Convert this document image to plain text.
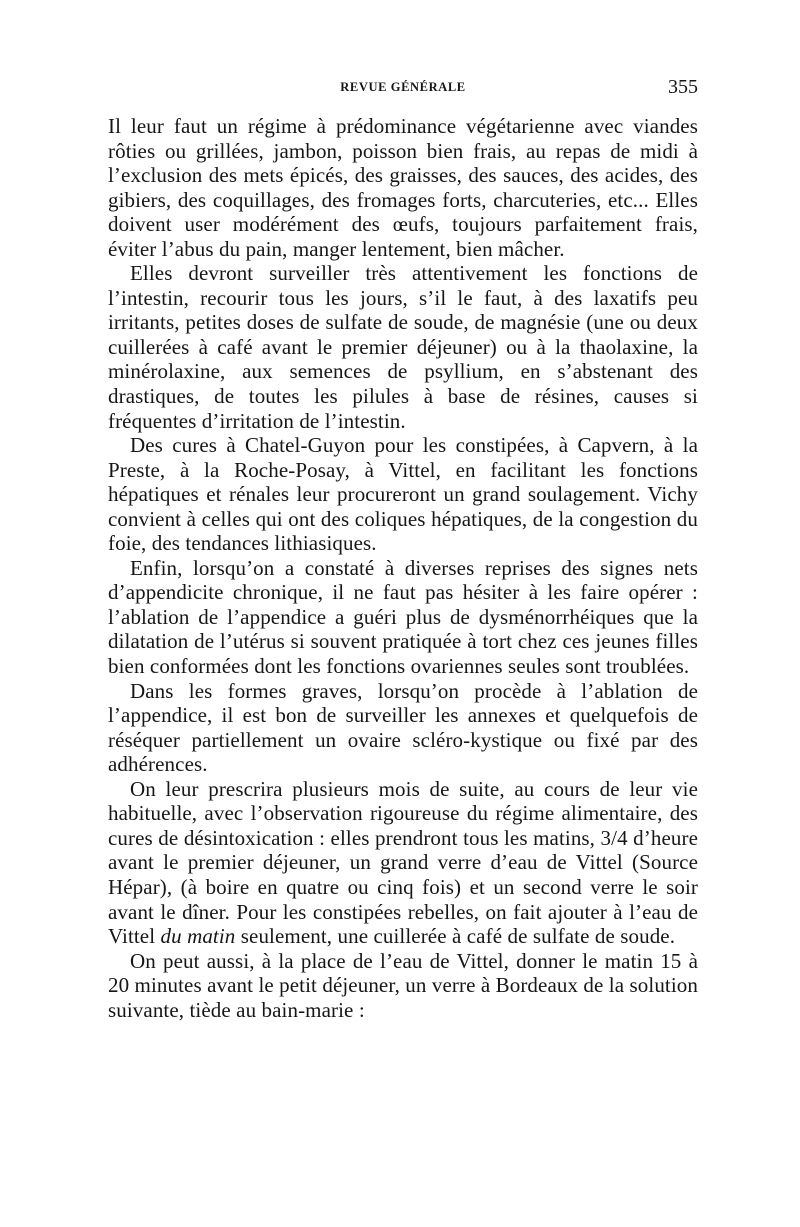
REVUE GÉNÉRALE	355

Il leur faut un régime à prédominance végétarienne avec viandes rôties ou grillées, jambon, poisson bien frais, au repas de midi à l’exclusion des mets épicés, des graisses, des sauces, des acides, des gibiers, des coquillages, des fromages forts, charcuteries, etc... Elles doivent user modérément des œufs, toujours parfaitement frais, éviter l’abus du pain, manger lentement, bien mâcher.

Elles devront surveiller très attentivement les fonctions de l’intestin, recourir tous les jours, s’il le faut, à des laxatifs peu irritants, petites doses de sulfate de soude, de magnésie (une ou deux cuillerées à café avant le premier déjeuner) ou à la thaolaxine, la minérolaxine, aux semences de psyllium, en s’abstenant des drastiques, de toutes les pilules à base de résines, causes si fréquentes d’irritation de l’intestin.

Des cures à Chatel-Guyon pour les constipées, à Capvern, à la Preste, à la Roche-Posay, à Vittel, en facilitant les fonctions hépatiques et rénales leur procureront un grand soulagement. Vichy convient à celles qui ont des coliques hépatiques, de la congestion du foie, des tendances lithiasiques.

Enfin, lorsqu’on a constaté à diverses reprises des signes nets d’appendicite chronique, il ne faut pas hésiter à les faire opérer : l’ablation de l’appendice a guéri plus de dysménorrhéiques que la dilatation de l’utérus si souvent pratiquée à tort chez ces jeunes filles bien conformées dont les fonctions ovariennes seules sont troublées.

Dans les formes graves, lorsqu’on procède à l’ablation de l’appendice, il est bon de surveiller les annexes et quelquefois de réséquer partiellement un ovaire scléro-kystique ou fixé par des adhérences.

On leur prescrira plusieurs mois de suite, au cours de leur vie habituelle, avec l’observation rigoureuse du régime alimentaire, des cures de désintoxication : elles prendront tous les matins, 3/4 d’heure avant le premier déjeuner, un grand verre d’eau de Vittel (Source Hépar), (à boire en quatre ou cinq fois) et un second verre le soir avant le dîner. Pour les constipées rebelles, on fait ajouter à l’eau de Vittel du matin seulement, une cuillerée à café de sulfate de soude.

On peut aussi, à la place de l’eau de Vittel, donner le matin 15 à 20 minutes avant le petit déjeuner, un verre à Bordeaux de la solution suivante, tiède au bain-marie :
